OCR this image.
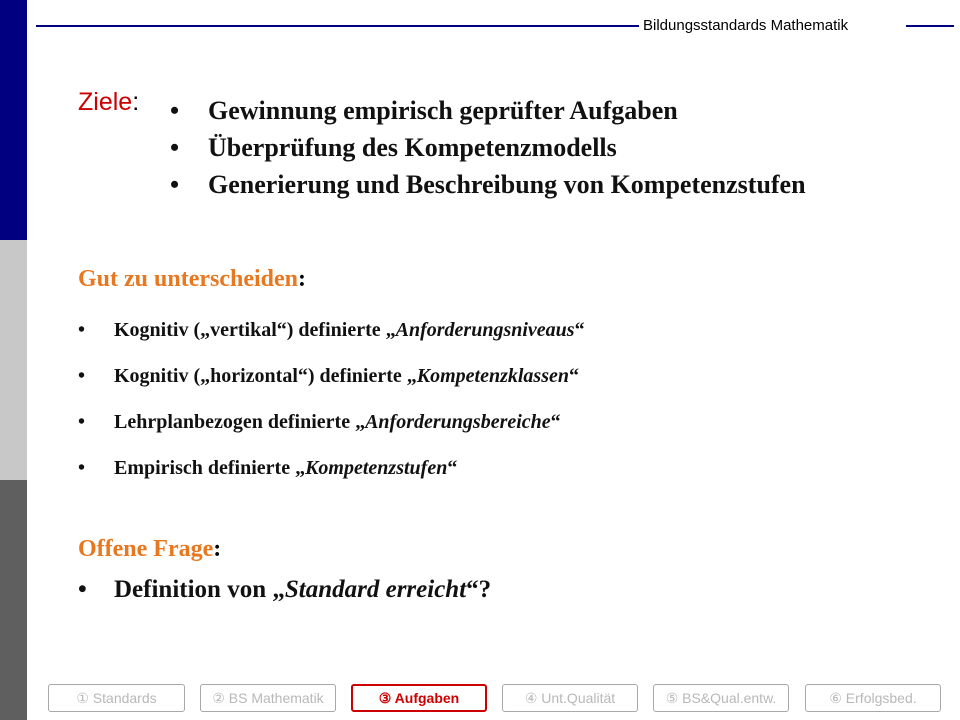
Bildungsstandards Mathematik
Ziele: • Gewinnung empirisch geprüfter Aufgaben
• Überprüfung des Kompetenzmodells
• Generierung und Beschreibung von Kompetenzstufen
Gut zu unterscheiden:
• Kognitiv („vertikal“) definierte „Anforderungsniveaus“
• Kognitiv („horizontal“) definierte „Kompetenzklassen“
• Lehrplanbezogen definierte „Anforderungsbereiche“
• Empirisch definierte „Kompetenzstufen“
Offene Frage:
• Definition von „Standard erreicht“?
① Standards	② BS Mathematik	③ Aufgaben	④ Unt.Qualität	⑤ BS&Qual.entw.	⑥ Erfolgsbed.
